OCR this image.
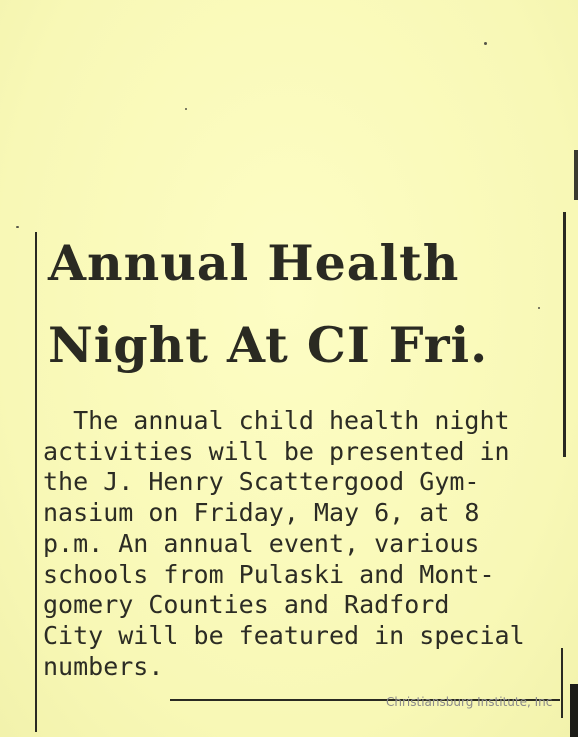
Annual Health
Night At CI Fri.
The annual child health night
activities will be presented in
the J. Henry Scattergood Gym-
nasium on Friday, May 6, at 8
p.m. An annual event, various
schools from Pulaski and Mont-
gomery Counties and Radford
City will be featured in special
numbers.
Christiansburg Institute, Inc
